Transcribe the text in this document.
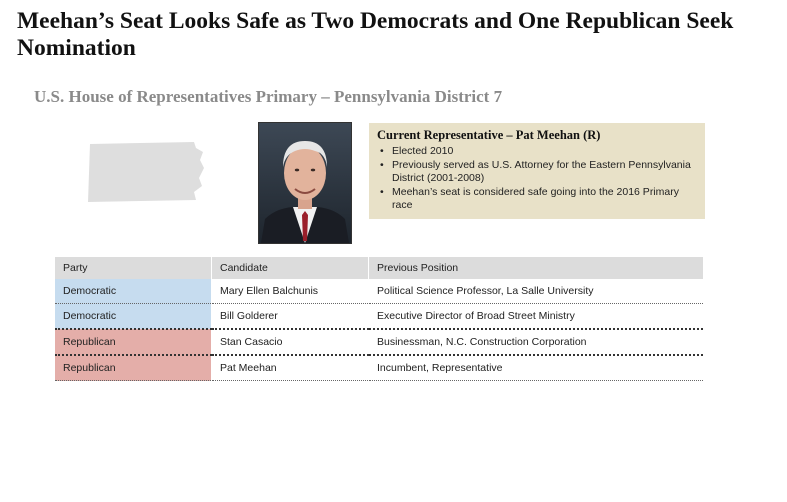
Meehan’s Seat Looks Safe as Two Democrats and One Republican Seek Nomination
U.S. House of Representatives Primary – Pennsylvania District 7

Current Representative – Pat Meehan (R)

• Elected 2010
• Previously served as U.S. Attorney for the Eastern Pennsylvania District (2001-2008)
• Meehan’s seat is considered safe going into the 2016 Primary race
Party	Candidate	Previous Position
Democratic	Mary Ellen Balchunis	Political Science Professor, La Salle University
Democratic	Bill Golderer	Executive Director of Broad Street Ministry
Republican	Stan Casacio	Businessman, N.C. Construction Corporation
Republican	Pat Meehan	Incumbent, Representative
